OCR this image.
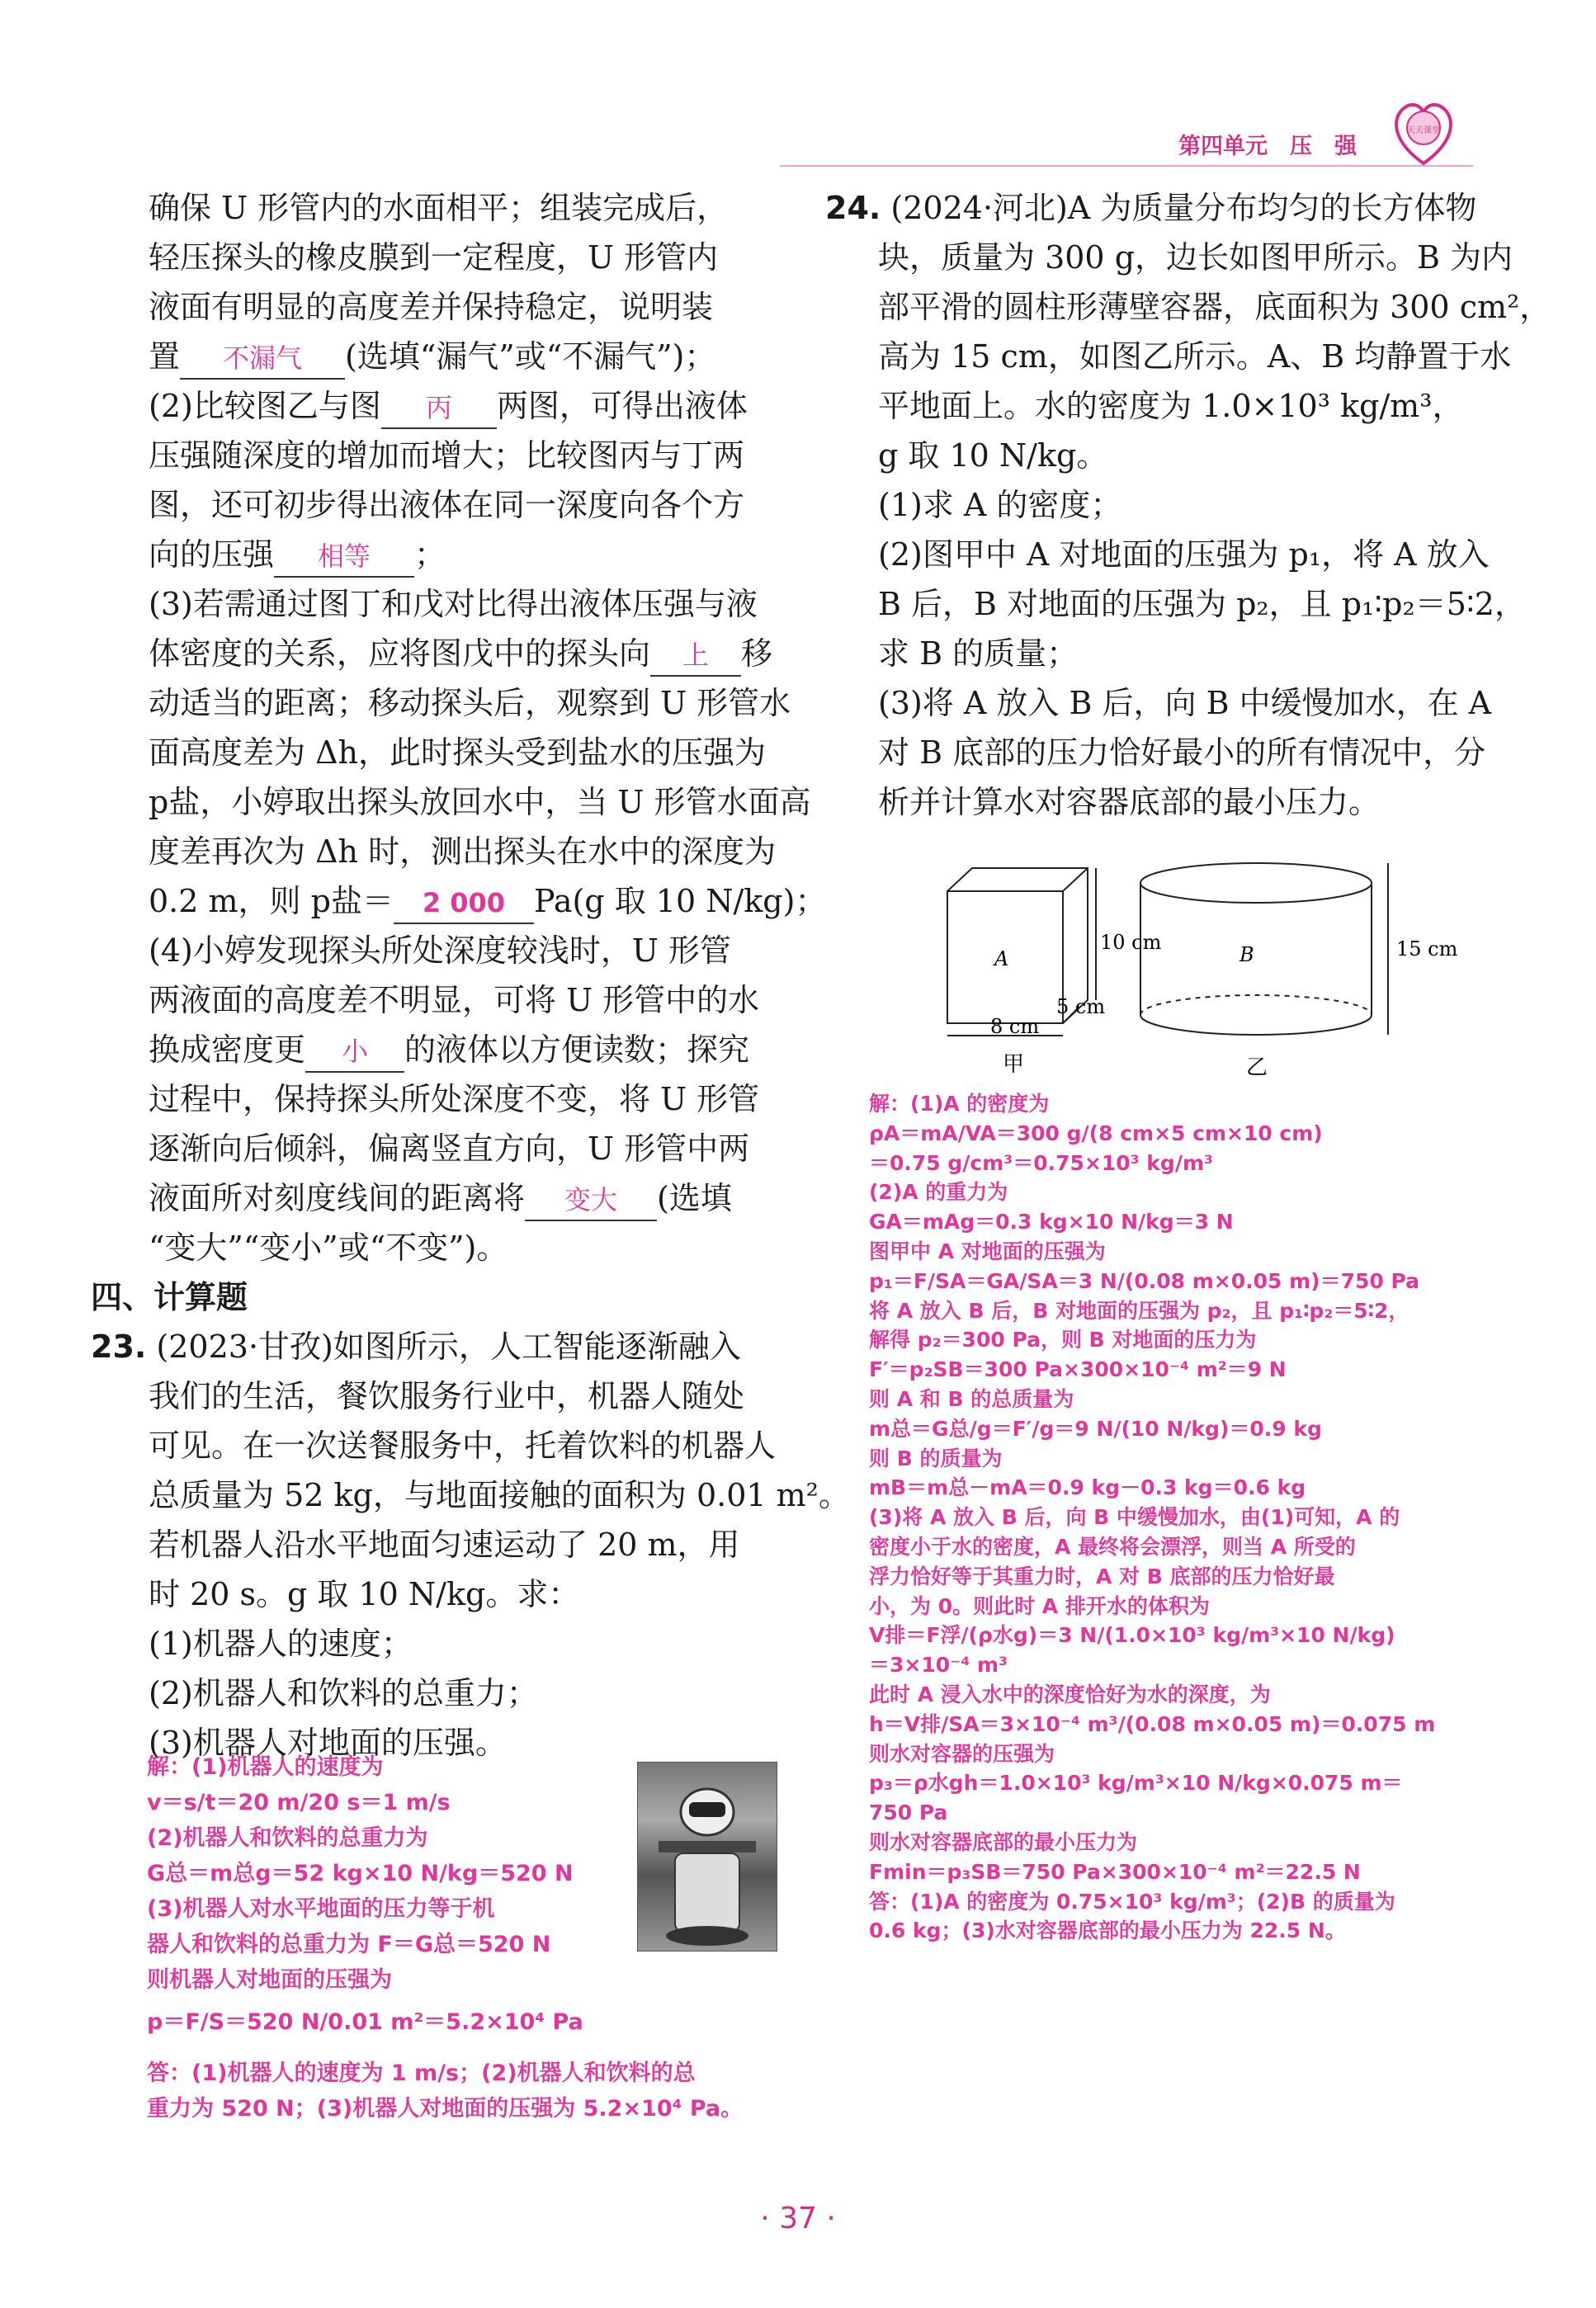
第四单元　压　强
天天课堂
确保 U 形管内的水面相平；组装完成后，
轻压探头的橡皮膜到一定程度，U 形管内
液面有明显的高度差并保持稳定，说明装
置 不漏气 (选填“漏气”或“不漏气”)；
(2)比较图乙与图 丙 两图，可得出液体
压强随深度的增加而增大；比较图丙与丁两
图，还可初步得出液体在同一深度向各个方
向的压强 相等 ；
(3)若需通过图丁和戊对比得出液体压强与液
体密度的关系，应将图戊中的探头向 上 移
动适当的距离；移动探头后，观察到 U 形管水
面高度差为 Δh，此时探头受到盐水的压强为
p盐，小婷取出探头放回水中，当 U 形管水面高
度差再次为 Δh 时，测出探头在水中的深度为
0.2 m，则 p盐＝ 2 000 Pa(g 取 10 N/kg)；
(4)小婷发现探头所处深度较浅时，U 形管
两液面的高度差不明显，可将 U 形管中的水
换成密度更 小 的液体以方便读数；探究
过程中，保持探头所处深度不变，将 U 形管
逐渐向后倾斜，偏离竖直方向，U 形管中两
液面所对刻度线间的距离将 变大 (选填
“变大”“变小”或“不变”)。
四、计算题
23. (2023·甘孜)如图所示，人工智能逐渐融入
我们的生活，餐饮服务行业中，机器人随处
可见。在一次送餐服务中，托着饮料的机器人
总质量为 52 kg，与地面接触的面积为 0.01 m²。
若机器人沿水平地面匀速运动了 20 m，用
时 20 s。g 取 10 N/kg。求：
(1)机器人的速度；
(2)机器人和饮料的总重力；
(3)机器人对地面的压强。
解：(1)机器人的速度为
v＝s/t＝20 m/20 s＝1 m/s
(2)机器人和饮料的总重力为
G总＝m总g＝52 kg×10 N/kg＝520 N
(3)机器人对水平地面的压力等于机
器人和饮料的总重力为 F＝G总＝520 N
则机器人对地面的压强为
p＝F/S＝520 N/0.01 m²＝5.2×10⁴ Pa
答：(1)机器人的速度为 1 m/s；(2)机器人和饮料的总
重力为 520 N；(3)机器人对地面的压强为 5.2×10⁴ Pa。
24. (2024·河北)A 为质量分布均匀的长方体物
块，质量为 300 g，边长如图甲所示。B 为内
部平滑的圆柱形薄壁容器，底面积为 300 cm²，
高为 15 cm，如图乙所示。A、B 均静置于水
平地面上。水的密度为 1.0×10³ kg/m³，
g 取 10 N/kg。
(1)求 A 的密度；
(2)图甲中 A 对地面的压强为 p₁，将 A 放入
B 后，B 对地面的压强为 p₂，且 p₁∶p₂＝5∶2，
求 B 的质量；
(3)将 A 放入 B 后，向 B 中缓慢加水，在 A
对 B 底部的压力恰好最小的所有情况中，分
析并计算水对容器底部的最小压力。
A
10 cm
5 cm
8 cm
甲
B	15 cm
乙
解：(1)A 的密度为
ρA＝mA/VA＝300 g/(8 cm×5 cm×10 cm)
＝0.75 g/cm³＝0.75×10³ kg/m³
(2)A 的重力为
GA＝mAg＝0.3 kg×10 N/kg＝3 N
图甲中 A 对地面的压强为
p₁＝F/SA＝GA/SA＝3 N/(0.08 m×0.05 m)＝750 Pa
将 A 放入 B 后，B 对地面的压强为 p₂，且 p₁∶p₂＝5∶2，
解得 p₂＝300 Pa，则 B 对地面的压力为
F′＝p₂SB＝300 Pa×300×10⁻⁴ m²＝9 N
则 A 和 B 的总质量为
m总＝G总/g＝F′/g＝9 N/(10 N/kg)＝0.9 kg
则 B 的质量为
mB＝m总－mA＝0.9 kg－0.3 kg＝0.6 kg
(3)将 A 放入 B 后，向 B 中缓慢加水，由(1)可知，A 的
密度小于水的密度，A 最终将会漂浮，则当 A 所受的
浮力恰好等于其重力时，A 对 B 底部的压力恰好最
小，为 0。则此时 A 排开水的体积为
V排＝F浮/(ρ水g)＝3 N/(1.0×10³ kg/m³×10 N/kg)
＝3×10⁻⁴ m³
此时 A 浸入水中的深度恰好为水的深度，为
h＝V排/SA＝3×10⁻⁴ m³/(0.08 m×0.05 m)＝0.075 m
则水对容器的压强为
p₃＝ρ水gh＝1.0×10³ kg/m³×10 N/kg×0.075 m＝
750 Pa
则水对容器底部的最小压力为
Fmin＝p₃SB＝750 Pa×300×10⁻⁴ m²＝22.5 N
答：(1)A 的密度为 0.75×10³ kg/m³；(2)B 的质量为
0.6 kg；(3)水对容器底部的最小压力为 22.5 N。
· 37 ·
